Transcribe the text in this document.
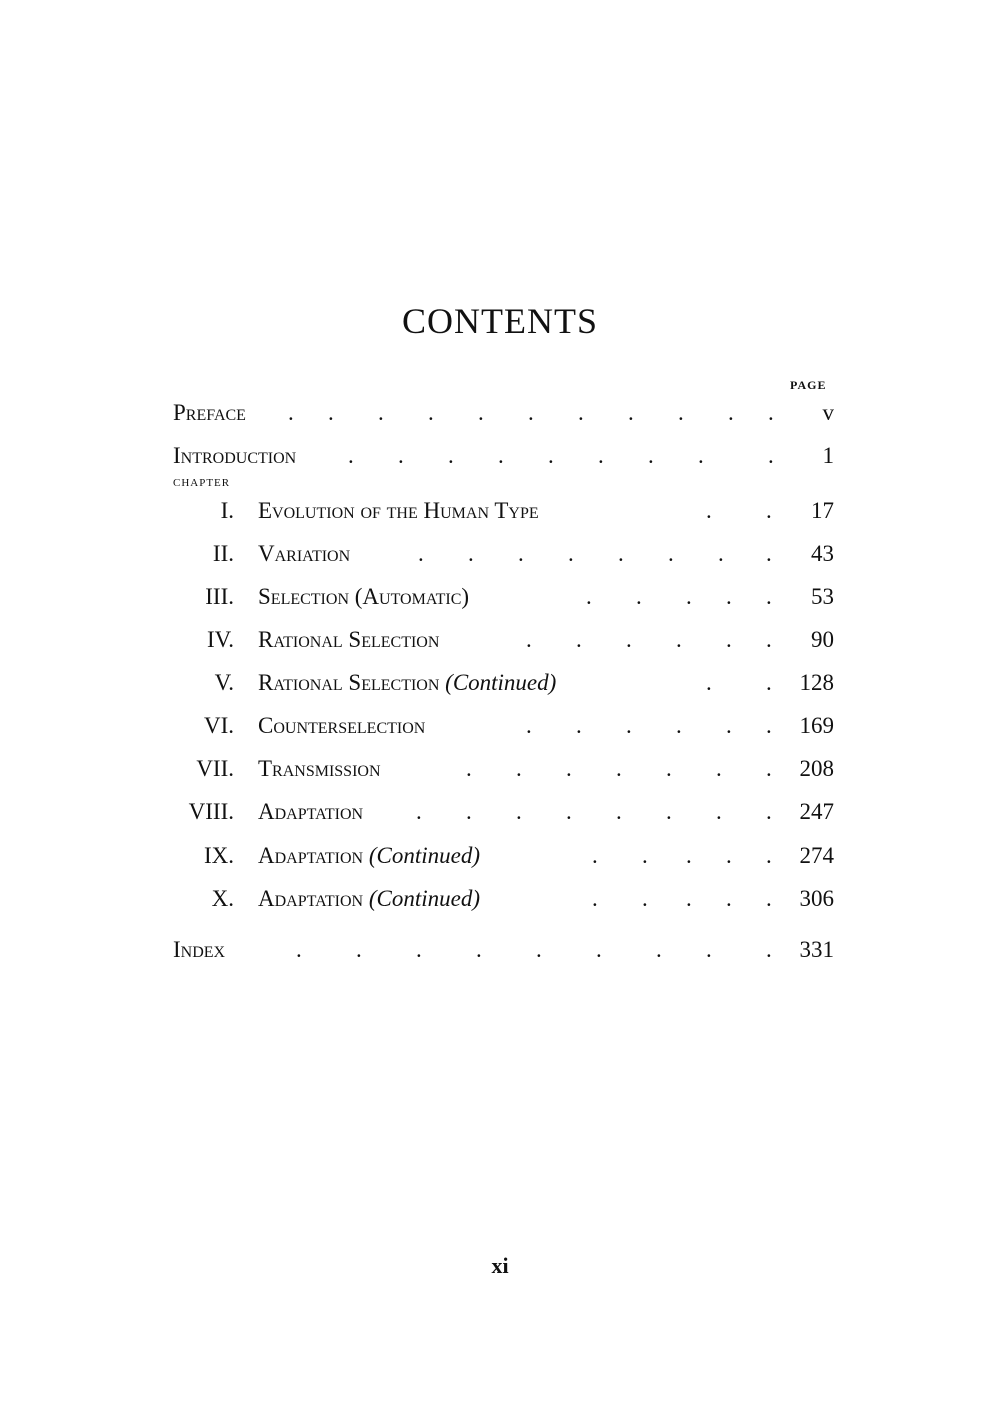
CONTENTS
PAGE
Preface . . . . . . . . . . . v
Introduction . . . . . . . .	. 1
CHAPTER
I. Evolution of the Human Type	. . 17
II. Variation	. . . . . . . . 43
III. Selection (Automatic)	. . . . . 53
IV. Rational Selection	. . . . . . 90
V. Rational Selection (Continued)	. . 128
VI. Counterselection	. . . . . . 169
VII. Transmission	. . . . . . . 208
VIII. Adaptation . . . . . . . . 247
IX. Adaptation (Continued)	. . . . . 274
X. Adaptation (Continued)	. . . . . 306
Index	. . . . . . . . . 331
xi
